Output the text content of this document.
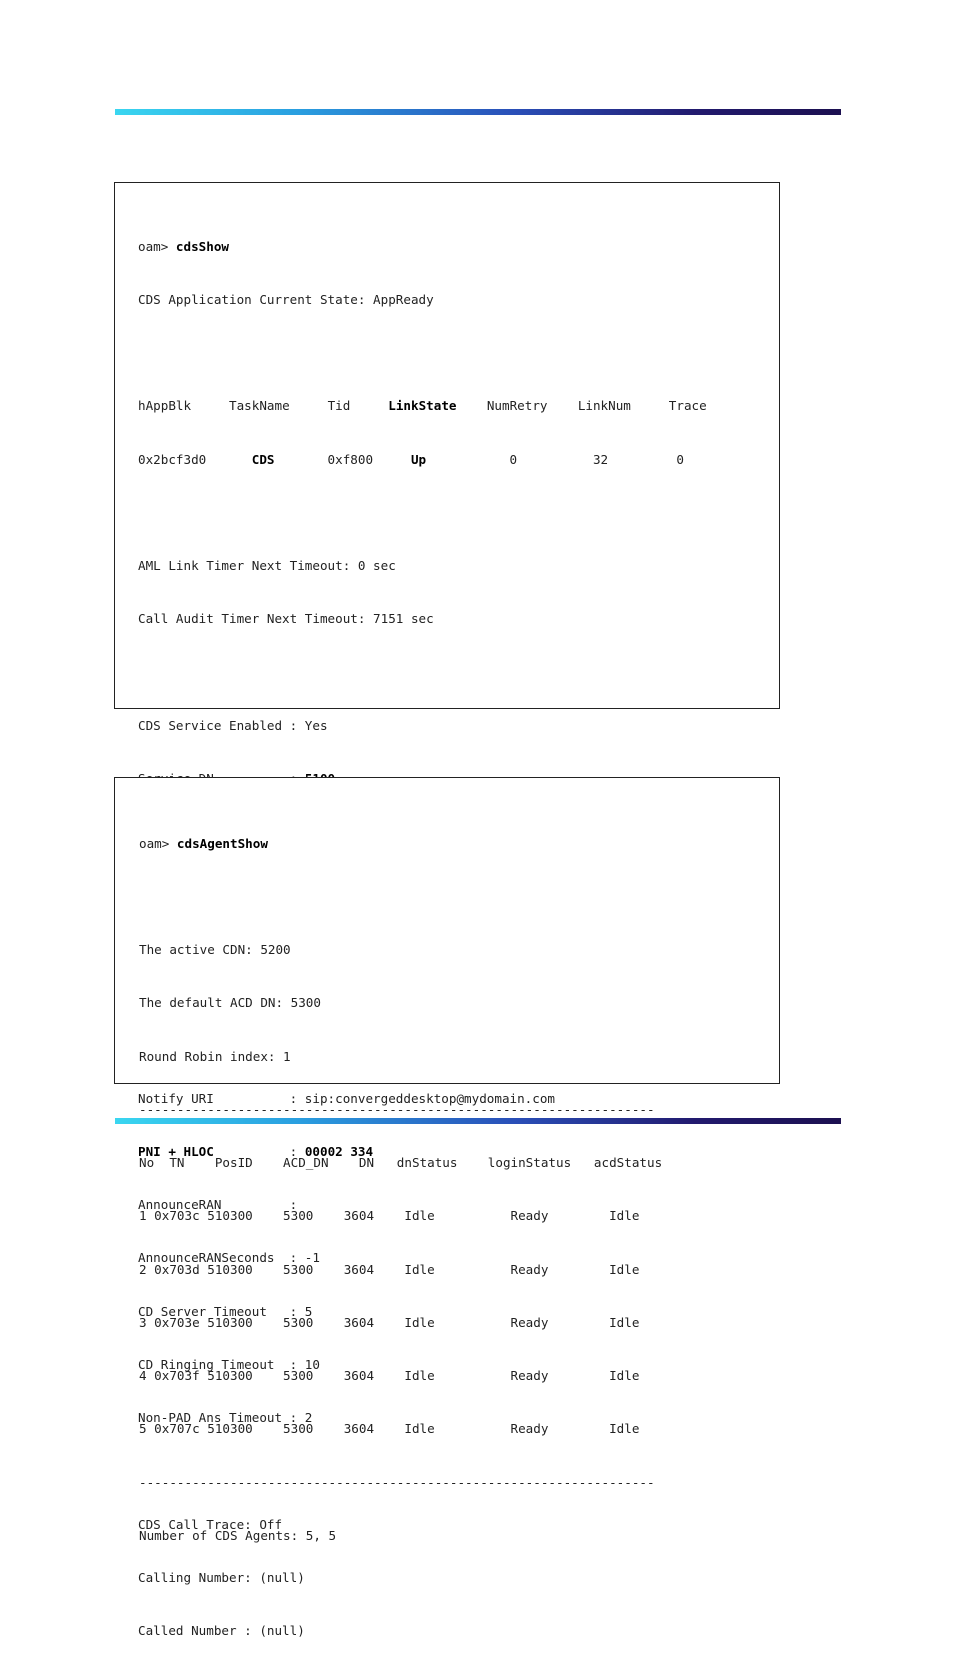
oam> cdsShow

CDS Application Current State: AppReady

hAppBlk     TaskName     Tid     LinkState    NumRetry    LinkNum     Trace

0x2bcf3d0      CDS       0xf800     Up           0          32         0

AML Link Timer Next Timeout: 0 sec

Call Audit Timer Next Timeout: 7151 sec

CDS Service Enabled : Yes

Notify URI          : sip:convergeddesktop@mydomain.com

PNI + HLOC          : 00002 334

AnnounceRAN         :

AnnounceRANSeconds  : -1

CD Server Timeout   : 5

CD Ringing Timeout  : 10

Non-PAD Ans Timeout : 2

CDS Call Trace: Off

Calling Number: (null)

Called Number : (null)

oam> cdsAgentShow

The active CDN: 5200

The default ACD DN: 5300

Round Robin index: 1

--------------------------------------------------------------------

No  TN    PosID    ACD_DN    DN   dnStatus    loginStatus   acdStatus

1 0x703c 510300    5300    3604    Idle          Ready        Idle

2 0x703d 510300    5300    3604    Idle          Ready        Idle

3 0x703e 510300    5300    3604    Idle          Ready        Idle

4 0x703f 510300    5300    3604    Idle          Ready        Idle

5 0x707c 510300    5300    3604    Idle          Ready        Idle

--------------------------------------------------------------------

Number of CDS Agents: 5, 5
